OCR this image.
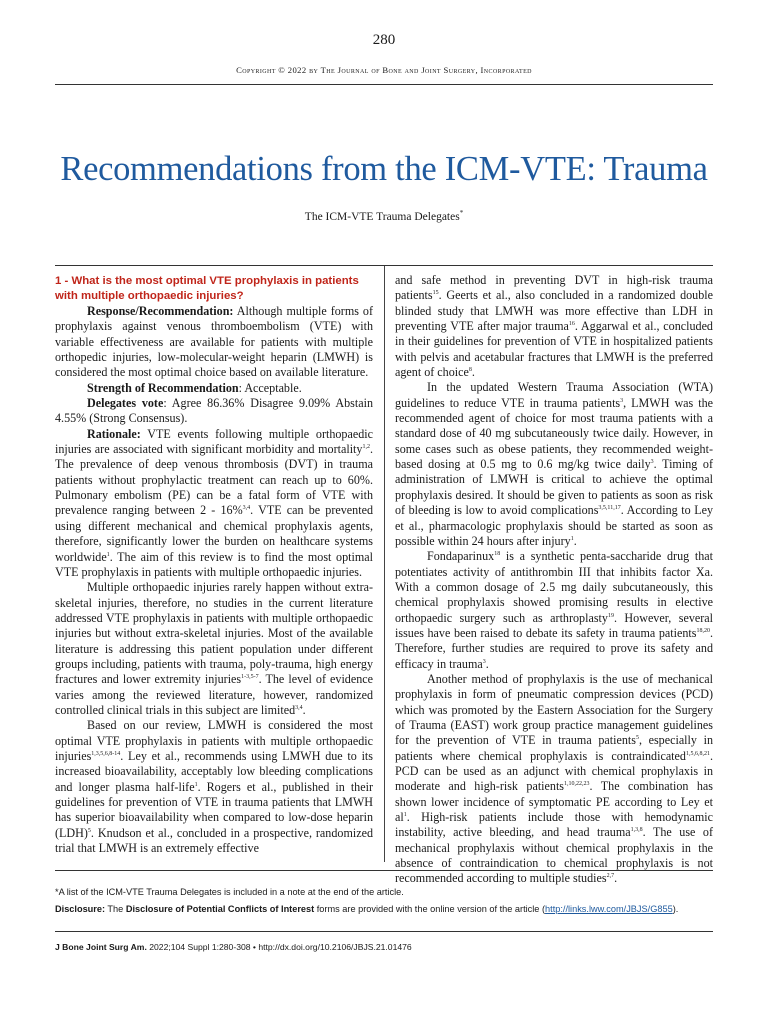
280
Copyright © 2022 by The Journal of Bone and Joint Surgery, Incorporated
Recommendations from the ICM-VTE: Trauma
The ICM-VTE Trauma Delegates*
1 - What is the most optimal VTE prophylaxis in patients with multiple orthopaedic injuries?

Response/Recommendation: Although multiple forms of prophylaxis against venous thromboembolism (VTE) with variable effectiveness are available for patients with multiple orthopedic injuries, low-molecular-weight heparin (LMWH) is considered the most optimal choice based on available literature.

Strength of Recommendation: Acceptable.

Delegates vote: Agree 86.36% Disagree 9.09% Abstain 4.55% (Strong Consensus).

Rationale: VTE events following multiple orthopaedic injuries are associated with significant morbidity and mortality$^{1,2}$. The prevalence of deep venous thrombosis (DVT) in trauma patients without prophylactic treatment can reach up to 60%. Pulmonary embolism (PE) can be a fatal form of VTE with prevalence ranging between 2 - 16%$^{3,4}$. VTE can be prevented using different mechanical and chemical prophylaxis agents, therefore, significantly lower the burden on healthcare systems worldwide$^1$. The aim of this review is to find the most optimal VTE prophylaxis in patients with multiple orthopaedic injuries.

Multiple orthopaedic injuries rarely happen without extra-skeletal injuries, therefore, no studies in the current literature addressed VTE prophylaxis in patients with multiple orthopaedic injuries but without extra-skeletal injuries. Most of the available literature is addressing this patient population under different groups including, patients with trauma, poly-trauma, high energy fractures and lower extremity injuries$^{1-3,5-7}$. The level of evidence varies among the reviewed literature, however, randomized controlled clinical trials in this subject are limited$^{3,4}$.

Based on our review, LMWH is considered the most optimal VTE prophylaxis in patients with multiple orthopaedic injuries$^{1,3,5,6,8-14}$. Ley et al., recommends using LMWH due to its increased bioavailability, acceptably low bleeding complications and longer plasma half-life$^1$. Rogers et al., published in their guidelines for prevention of VTE in trauma patients that LMWH has superior bioavailability when compared to low-dose heparin (LDH)$^5$. Knudson et al., concluded in a prospective, randomized trial that LMWH is an extremely effective

and safe method in preventing DVT in high-risk trauma patients$^{15}$. Geerts et al., also concluded in a randomized double blinded study that LMWH was more effective than LDH in preventing VTE after major trauma$^{16}$. Aggarwal et al., concluded in their guidelines for prevention of VTE in hospitalized patients with pelvis and acetabular fractures that LMWH is the preferred agent of choice$^8$.

In the updated Western Trauma Association (WTA) guidelines to reduce VTE in trauma patients$^3$, LMWH was the recommended agent of choice for most trauma patients with a standard dose of 40 mg subcutaneously twice daily. However, in some cases such as obese patients, they recommended weight-based dosing at 0.5 mg to 0.6 mg/kg twice daily$^3$. Timing of administration of LMWH is critical to achieve the optimal prophylaxis desired. It should be given to patients as soon as risk of bleeding is low to avoid complications$^{3,5,11,17}$. According to Ley et al., pharmacologic prophylaxis should be started as soon as possible within 24 hours after injury$^1$.

Fondaparinux$^{18}$ is a synthetic penta-saccharide drug that potentiates activity of antithrombin III that inhibits factor Xa. With a common dosage of 2.5 mg daily subcutaneously, this chemical prophylaxis showed promising results in elective orthopaedic surgery such as arthroplasty$^{19}$. However, several issues have been raised to debate its safety in trauma patients$^{18,20}$. Therefore, further studies are required to prove its safety and efficacy in trauma$^3$.

Another method of prophylaxis is the use of mechanical prophylaxis in form of pneumatic compression devices (PCD) which was promoted by the Eastern Association for the Surgery of Trauma (EAST) work group practice management guidelines for the prevention of VTE in trauma patients$^5$, especially in patients where chemical prophylaxis is contraindicated$^{1,5,6,8,21}$. PCD can be used as an adjunct with chemical prophylaxis in moderate and high-risk patients$^{1,10,22,23}$. The combination has shown lower incidence of symptomatic PE according to Ley et $al^1$. High-risk patients include those with hemodynamic instability, active bleeding, and head trauma$^{1,3,8}$. The use of mechanical prophylaxis without chemical prophylaxis in the absence of contraindication to chemical prophylaxis is not recommended according to multiple studies$^{2,7}$.

*A list of the ICM-VTE Trauma Delegates is included in a note at the end of the article.
Disclosure: The Disclosure of Potential Conflicts of Interest forms are provided with the online version of the article (http://links.lww.com/JBJS/G855).
J Bone Joint Surg Am. 2022;104 Suppl 1:280-308 • http://dx.doi.org/10.2106/JBJS.21.01476
